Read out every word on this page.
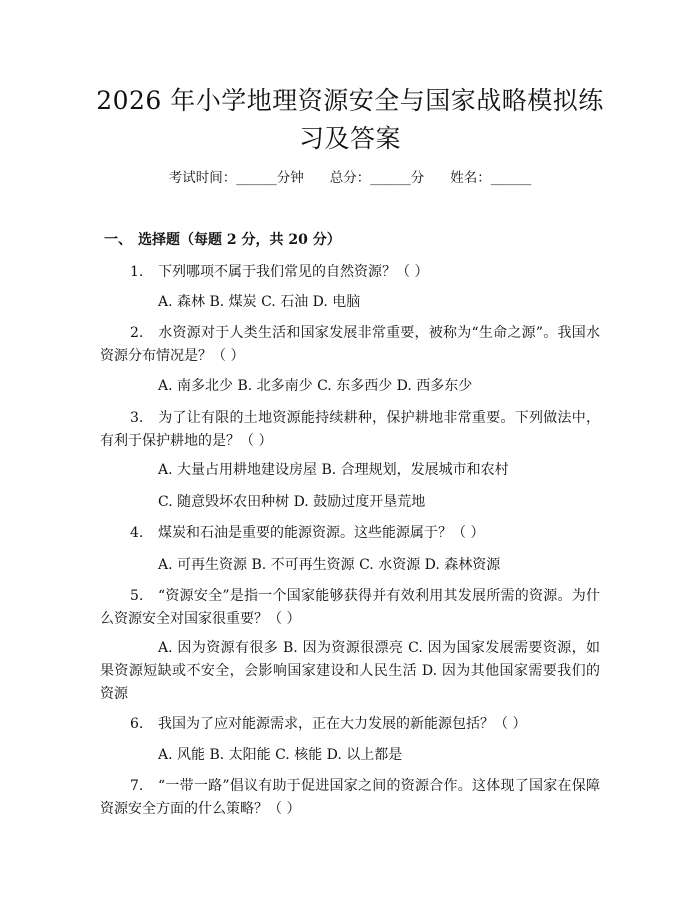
2026 年小学地理资源安全与国家战略模拟练
习及答案
考试时间：______分钟 总分：______分 姓名：______
一、 选择题（每题 2 分，共 20 分）
1. 下列哪项不属于我们常见的自然资源？（ ）
A. 森林 B. 煤炭 C. 石油 D. 电脑
2. 水资源对于人类生活和国家发展非常重要，被称为“生命之源”。我国水资源分布情况是？（ ）
A. 南多北少 B. 北多南少 C. 东多西少 D. 西多东少
3. 为了让有限的土地资源能持续耕种，保护耕地非常重要。下列做法中，有利于保护耕地的是？（ ）
A. 大量占用耕地建设房屋 B. 合理规划，发展城市和农村
C. 随意毁坏农田种树 D. 鼓励过度开垦荒地
4. 煤炭和石油是重要的能源资源。这些能源属于？（ ）
A. 可再生资源 B. 不可再生资源 C. 水资源 D. 森林资源
5. “资源安全”是指一个国家能够获得并有效利用其发展所需的资源。为什么资源安全对国家很重要？（ ）
A. 因为资源有很多 B. 因为资源很漂亮 C. 因为国家发展需要资源，如果资源短缺或不安全，会影响国家建设和人民生活 D. 因为其他国家需要我们的资源
6. 我国为了应对能源需求，正在大力发展的新能源包括？（ ）
A. 风能 B. 太阳能 C. 核能 D. 以上都是
7. “一带一路”倡议有助于促进国家之间的资源合作。这体现了国家在保障资源安全方面的什么策略？（ ）
